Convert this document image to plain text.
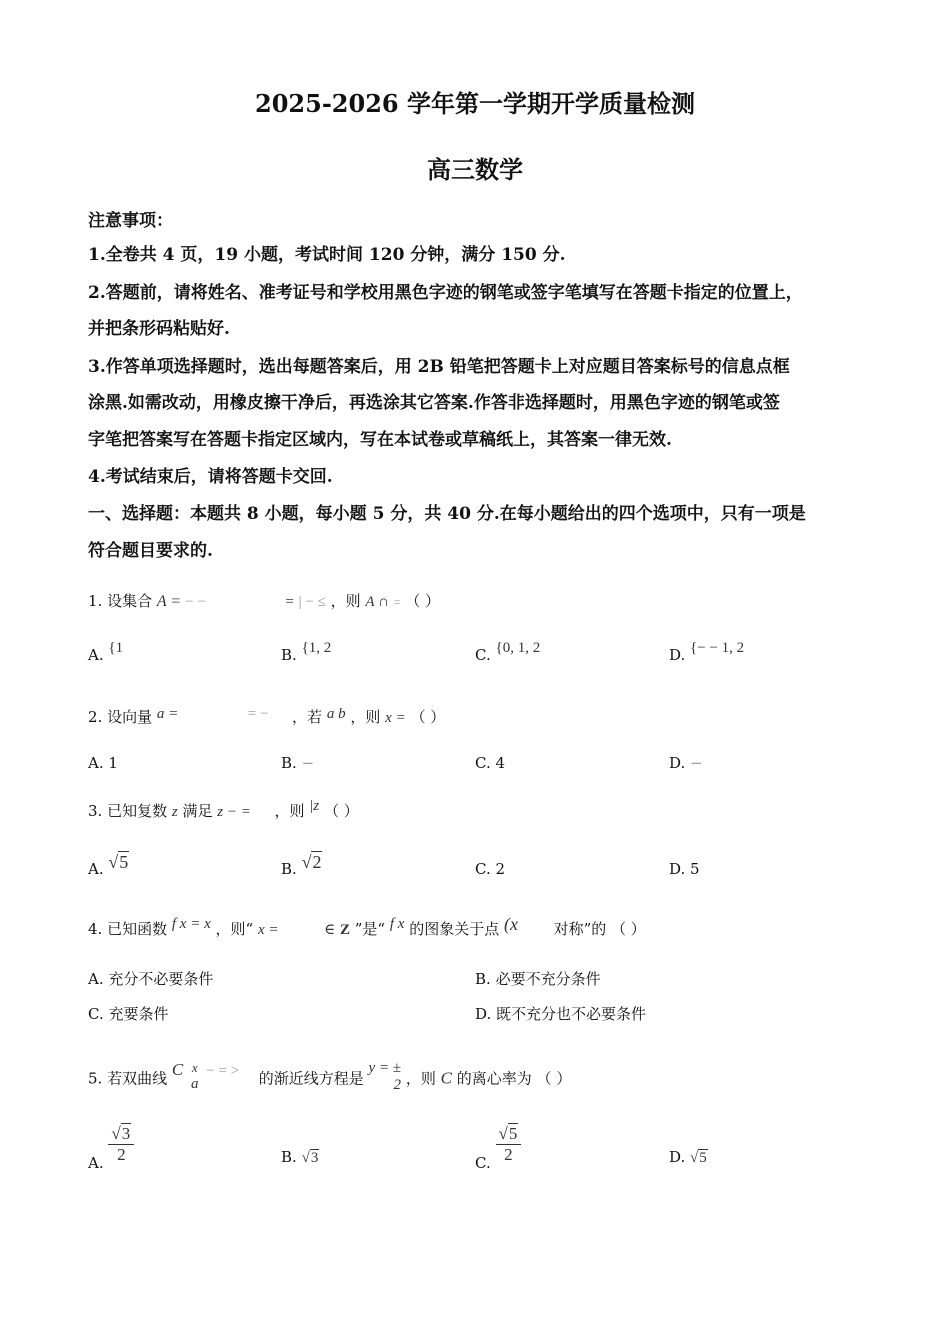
2025-2026 学年第一学期开学质量检测
高三数学
注意事项：
1.全卷共 4 页，19 小题，考试时间 120 分钟，满分 150 分.
2.答题前，请将姓名、准考证号和学校用黑色字迹的钢笔或签字笔填写在答题卡指定的位置上，
并把条形码粘贴好.
3.作答单项选择题时，选出每题答案后，用 2B 铅笔把答题卡上对应题目答案标号的信息点框
涂黑.如需改动，用橡皮擦干净后，再选涂其它答案.作答非选择题时，用黑色字迹的钢笔或签
字笔把答案写在答题卡指定区域内，写在本试卷或草稿纸上，其答案一律无效.
4.考试结束后，请将答题卡交回.
一、选择题：本题共 8 小题，每小题 5 分，共 40 分.在每小题给出的四个选项中，只有一项是
符合题目要求的.
1. 设集合 A = − −	= | − ≤ ，则 A ∩ = （ ）
A. {1	B. {1, 2	C. {0, 1, 2	D. {− − 1, 2
2. 设向量 a =	= − ，若 a b ，则 x = （ ）
A. 1	B. −	C. 4	D. −
3. 已知复数 z 满足 z − = ，则 |z （ ）
A. √5	B. √2	C. 2	D. 5
4. 已知函数 f x = x ，则“ x =	∈ Z ”是“ f x 的图象关于点 (x 对称”的 （ ）
A. 充分不必要条件	B. 必要不充分条件
C. 充要条件	D. 既不充分也不必要条件
5. 若双曲线 C x
a
− = > 的渐近线方程是
y = ±
2 ，则 C 的离心率为 （ ）
A. $\frac{√3}{2}$	B. √3	C. $\frac{√5}{2}$	D. √5
